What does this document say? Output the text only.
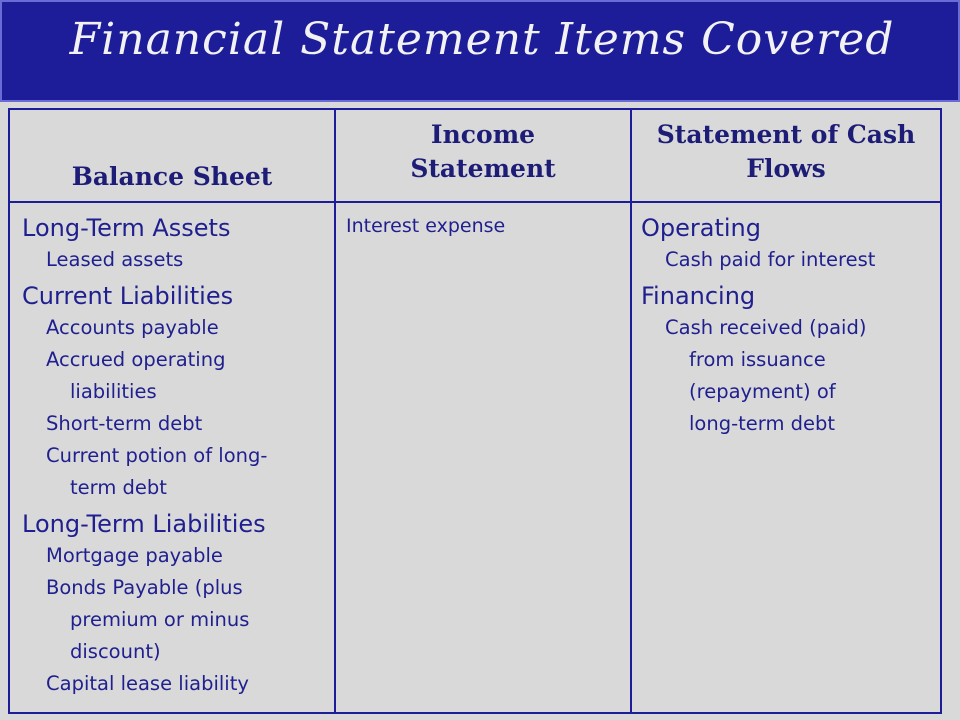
Financial Statement Items Covered
Balance Sheet
Income
Statement
Statement of Cash
Flows
Long-Term Assets
Leased assets
Current Liabilities
Accounts payable
Accrued operating
liabilities
Short-term debt
Current potion of long-
term debt
Long-Term Liabilities
Mortgage payable
Bonds Payable (plus
premium or minus
discount)
Capital lease liability
Interest expense	Operating
Cash paid for interest
Financing
Cash received (paid)
from issuance
(repayment) of
long-term debt
